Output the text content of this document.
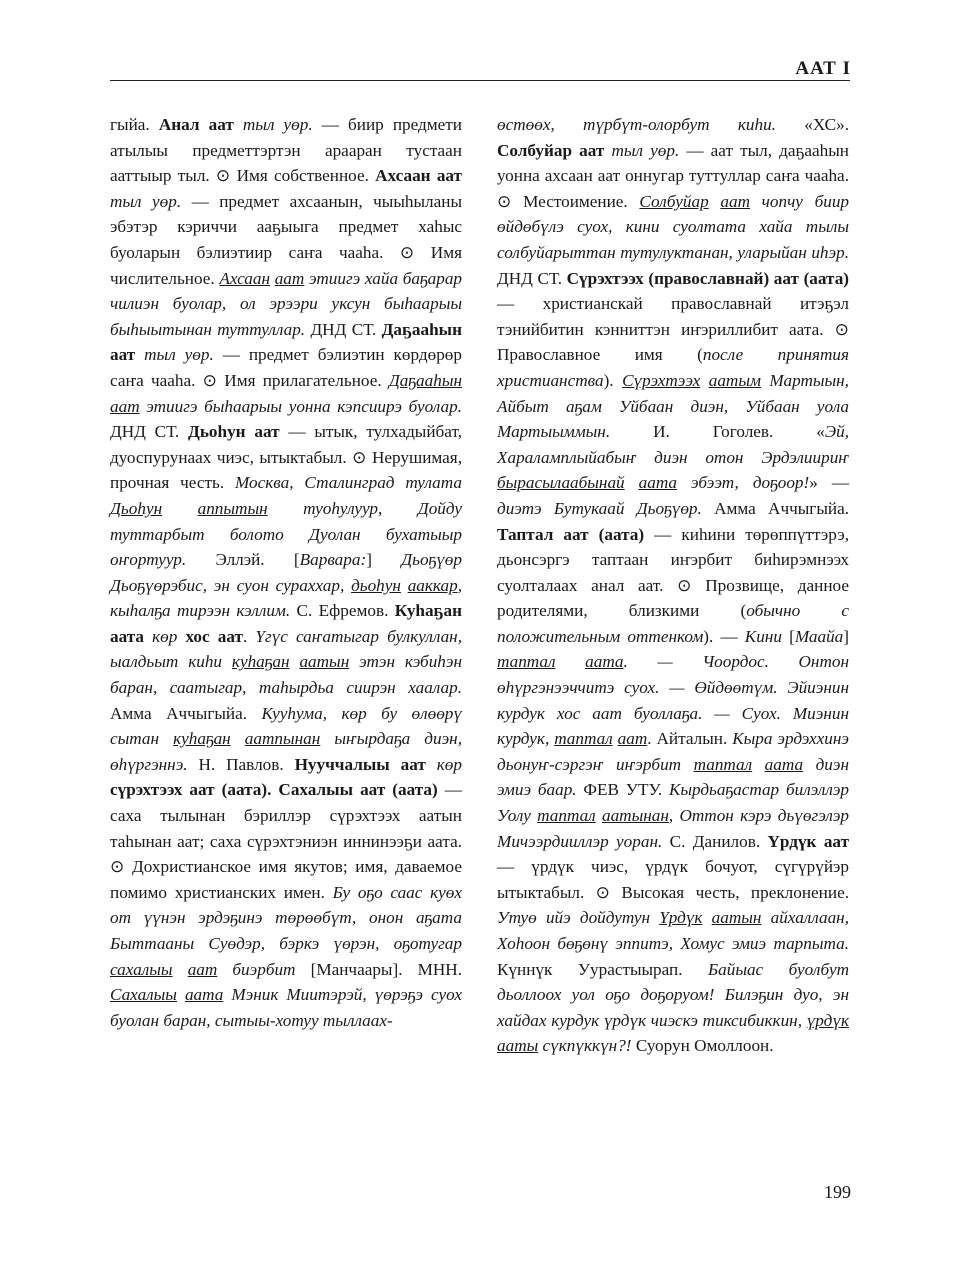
ААТ I

гыйа. Анал аат тыл уөр. — биир предмети атылыы предметтэртэн арааран тустаан ааттыыр тыл. ⊙ Имя собственное. Ахсаан аат тыл уөр. — предмет ахсаанын, чыыһыланы эбэтэр кэриччи ааҕыыга предмет хаһыс буоларын бэлиэтиир саҥа чааһа. ⊙ Имя числительное. Ахсаан аат этиигэ хайа баҕарар чилиэн буолар, ол эрээри уксун быһаарыы быһыытынан туттуллар. ДНД СТ. Даҕааһын аат тыл уөр. — предмет бэлиэтин көрдөрөр саҥа чааһа. ⊙ Имя прилагательное. Даҕааһын аат этиигэ быһаарыы уонна кэпсиирэ буолар. ДНД СТ. Дьоһун аат — ытык, тулхадыйбат, дуоспурунаах чиэс, ытыктабыл. ⊙ Нерушимая, прочная честь. Москва, Сталинград тулата Дьоһун аппытын туоһулуур, Дойду туттарбыт болото Дуолан бухатыыр оҥортуур. Эллэй. [Варвара:] Дьоҕүөр Дьоҕүөрэбис, эн суон сураххар, дьоһун ааккар, кыһалҕа тирээн кэллим. С. Ефремов. Куһаҕан аата көр хос аат. Үгүс саҥатыгар булкуллан, ыалдьыт киһи куһаҕан аатын этэн кэбиһэн баран, саатыгар, таһырдьа сиирэн хаалар. Амма Аччыгыйа. Кууһума, көр бу өлөөрү сытан куһаҕан аатпынан ыҥырдаҕа диэн, өһүргэннэ. Н. Павлов. Нууччалыы аат көр сүрэхтээх аат (аата). Сахалыы аат (аата) — саха тылынан бэриллэр сүрэхтээх аатын таһынан аат; саха сүрэхтэниэн иннинээҕи аата. ⊙ Дохристианское имя якутов; имя, даваемое помимо христианских имен. Бу оҕо саас куөх от үүнэн эрдэҕинэ төрөөбүт, онон аҕата Быттааны Суөдэр, бэркэ үөрэн, оҕотугар сахалыы аат биэрбит [Манчаары]. МНН. Сахалыы аата Мэник Миитэрэй, үөрэҕэ суох буолан баран, сытыы-хотуу тыллаах-

өстөөх, түрбүт-олорбут киһи. «ХС». Солбуйар аат тыл уөр. — аат тыл, даҕааһын уонна ахсаан аат оннугар туттуллар саҥа чааһа. ⊙ Местоимение. Солбуйар аат чопчу биир өйдөбүлэ суох, кини суолтата хайа тылы солбуйарыттан тутулуктанан, уларыйан иһэр. ДНД СТ. Сүрэхтээх (православнай) аат (аата) — христианскай православнай итэҕэл тэнийбитин кэнниттэн иҥэриллибит аата. ⊙ Православное имя (после принятия христианства). Сүрэхтээх аатым Мартыын, Айбыт аҕам Уйбаан диэн, Уйбаан уола Мартыыммын. И. Гоголев. «Эй, Хараламплыйабыҥ диэн отон Эрдэлиириҥ бырасылаабынай аата эбээт, доҕоор!» — диэтэ Бутукаай Дьоҕүөр. Амма Аччыгыйа. Таптал аат (аата) — киһини төрөппүттэрэ, дьонсэргэ таптаан иҥэрбит биһирэмнээх суолталаах анал аат. ⊙ Прозвище, данное родителями, близкими (обычно с положительным оттенком). — Кини [Маайа] таптал аата. — Чоордос. Онтон өһүргэнээччитэ суох. — Өйдөөтүм. Эйиэнин курдук хос аат буоллаҕа. — Суох. Миэнин курдук, таптал аат. Айталын. Кыра эрдэххинэ дьонуҥ-сэргэҥ иҥэрбит таптал аата диэн эмиэ баар. ФЕВ УТУ. Кырдьаҕастар билэллэр Уолу таптал аатынан, Оттон кэрэ дьүөгэлэр Мичээрдииллэр уоран. С. Данилов. Үрдүк аат — үрдүк чиэс, үрдүк бочуот, сүгүрүйэр ытыктабыл. ⊙ Высокая честь, преклонение. Утуө ийэ дойдутун Үрдүк аатын айхаллаан, Хоһоон бөҕөнү эппитэ, Хомус эмиэ тарпыта. Күннүк Уурастыырап. Байыас буолбут дьоллоох уол оҕо доҕоруом! Билэҕин дуо, эн хайдах курдук үрдүк чиэскэ тиксибиккин, үрдүк ааты сүкпүккүн?! Суорун Омоллоон.

199
